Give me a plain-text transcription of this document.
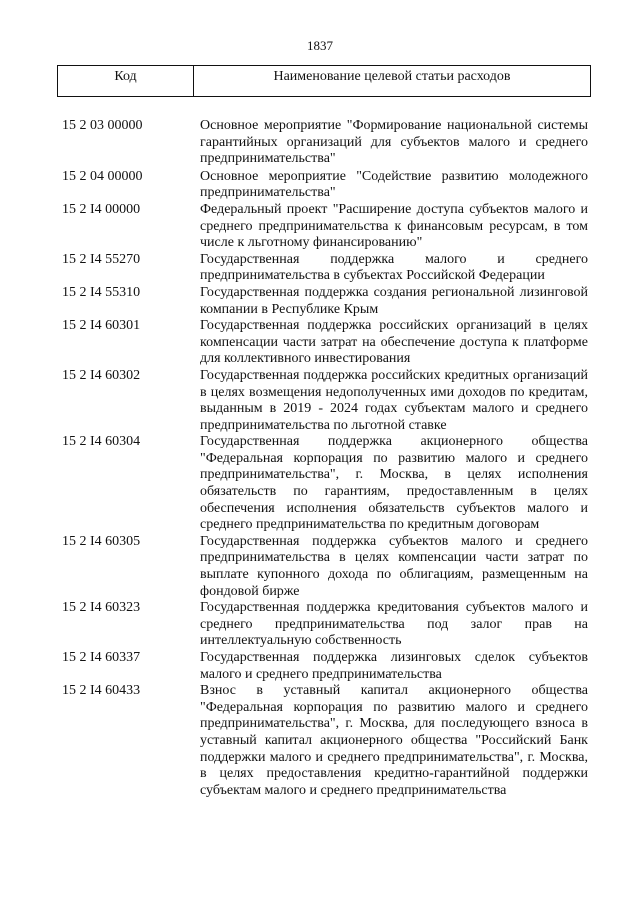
1837
Код	Наименование целевой статьи расходов
15 2 03 00000	Основное мероприятие "Формирование национальной системы гарантийных организаций для субъектов малого и среднего предпринимательства"
15 2 04 00000	Основное мероприятие "Содействие развитию молодежного предпринимательства"
15 2 I4 00000	Федеральный проект "Расширение доступа субъектов малого и среднего предпринимательства к финансовым ресурсам, в том числе к льготному финансированию"
15 2 I4 55270	Государственная поддержка малого и среднего предпринимательства в субъектах Российской Федерации
15 2 I4 55310	Государственная поддержка создания региональной лизинговой компании в Республике Крым
15 2 I4 60301	Государственная поддержка российских организаций в целях компенсации части затрат на обеспечение доступа к платформе для коллективного инвестирования
15 2 I4 60302	Государственная поддержка российских кредитных организаций в целях возмещения недополученных ими доходов по кредитам, выданным в 2019 - 2024 годах субъектам малого и среднего предпринимательства по льготной ставке
15 2 I4 60304	Государственная поддержка акционерного общества "Федеральная корпорация по развитию малого и среднего предпринимательства", г. Москва, в целях исполнения обязательств по гарантиям, предоставленным в целях обеспечения исполнения обязательств субъектов малого и среднего предпринимательства по кредитным договорам
15 2 I4 60305	Государственная поддержка субъектов малого и среднего предпринимательства в целях компенсации части затрат по выплате купонного дохода по облигациям, размещенным на фондовой бирже
15 2 I4 60323	Государственная поддержка кредитования субъектов малого и среднего предпринимательства под залог прав на интеллектуальную собственность
15 2 I4 60337	Государственная поддержка лизинговых сделок субъектов малого и среднего предпринимательства
15 2 I4 60433	Взнос в уставный капитал акционерного общества "Федеральная корпорация по развитию малого и среднего предпринимательства", г. Москва, для последующего взноса в уставный капитал акционерного общества "Российский Банк поддержки малого и среднего предпринимательства", г. Москва, в целях предоставления кредитно-гарантийной поддержки субъектам малого и среднего предпринимательства
